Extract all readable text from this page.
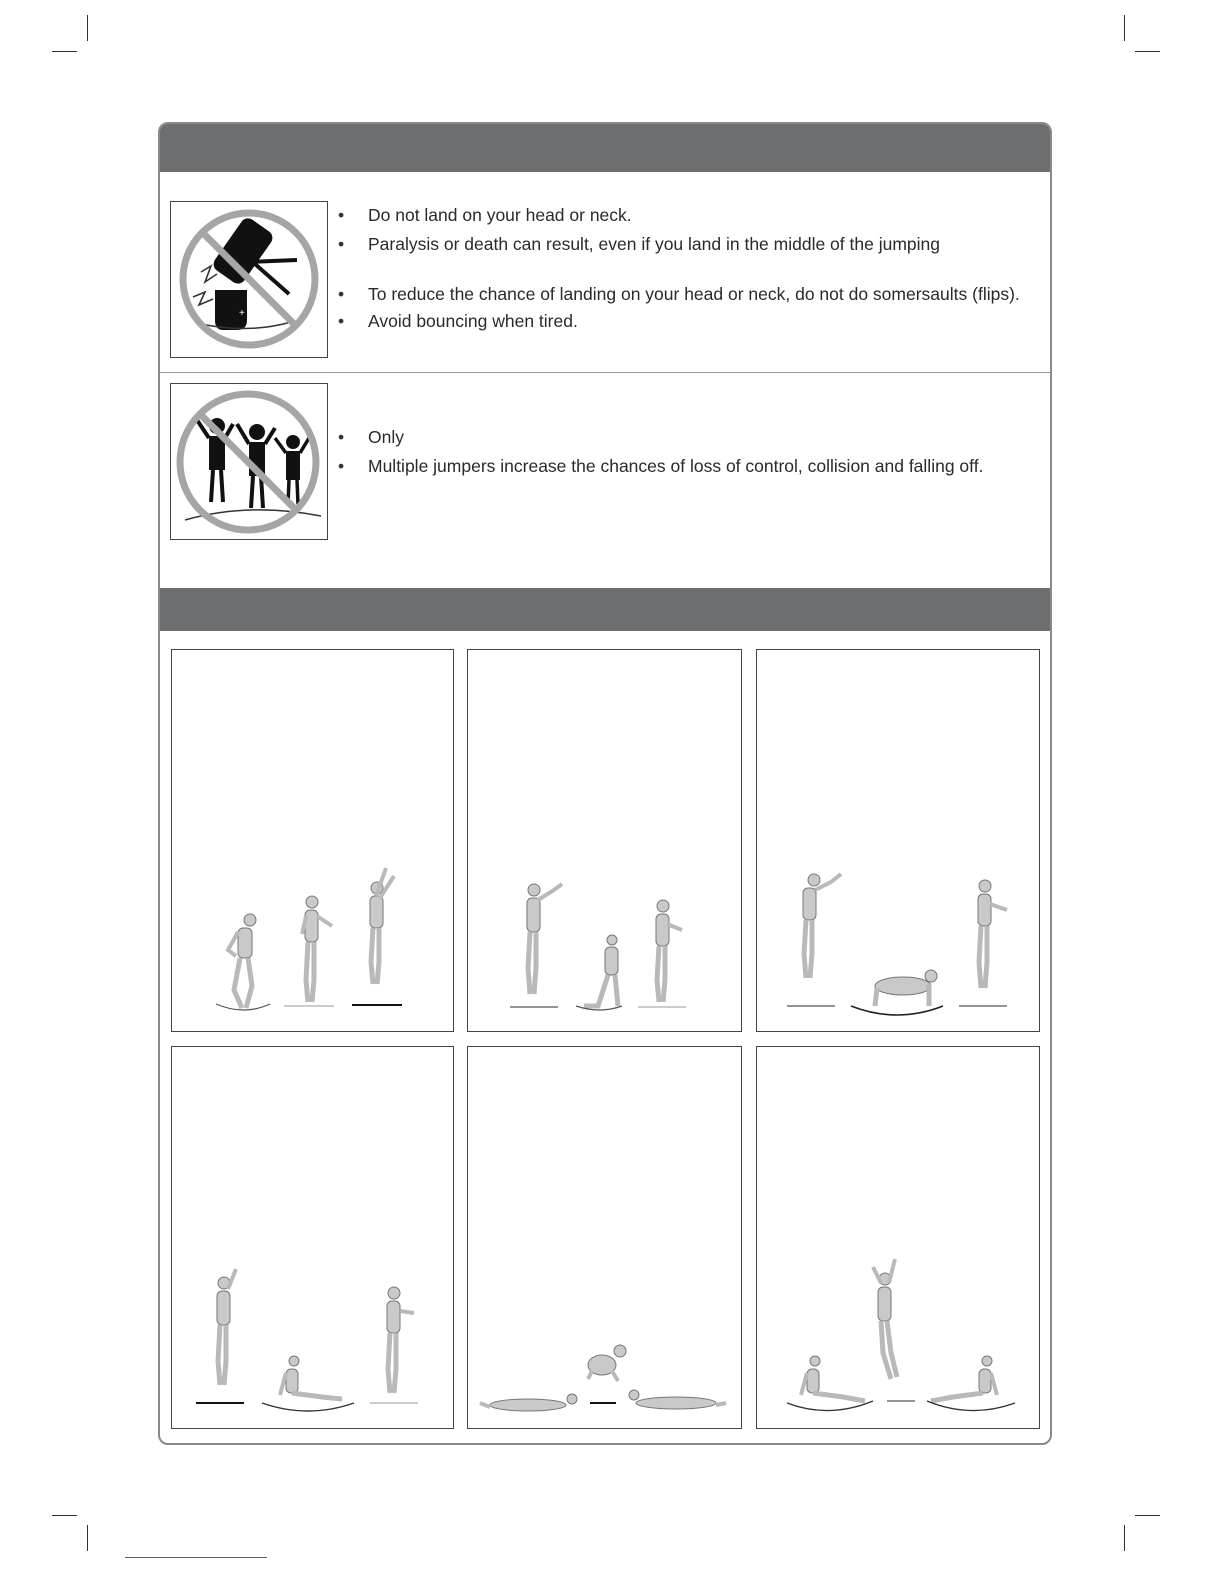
+
• Do not land on your head or neck.
• Paralysis or death can result, even if you land in the middle of the jumping
• To reduce the chance of landing on your head or neck, do not do somersaults (flips).
• Avoid bouncing when tired.
• Only
• Multiple jumpers increase the chances of loss of control, collision and falling off.
